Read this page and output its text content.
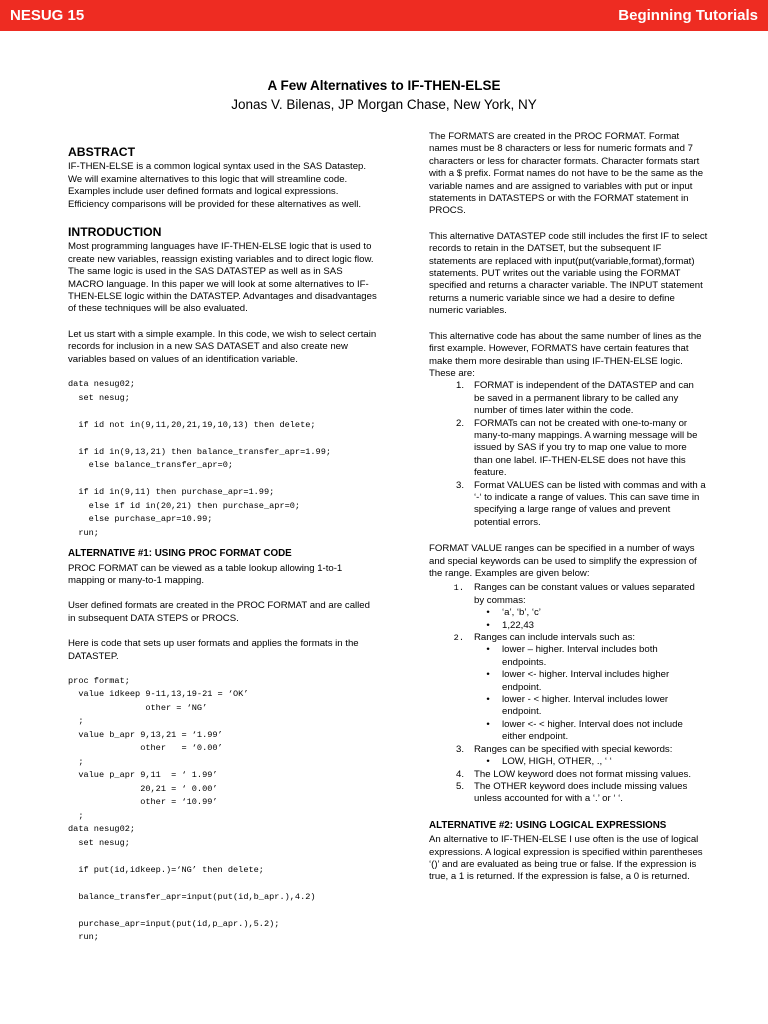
NESUG 15	Beginning Tutorials
A Few Alternatives to IF-THEN-ELSE
Jonas V. Bilenas, JP Morgan Chase, New York, NY
ABSTRACT

IF-THEN-ELSE is a common logical syntax used in the SAS Datastep. We will examine alternatives to this logic that will streamline code. Examples include user defined formats and logical expressions. Efficiency comparisons will be provided for these alternatives as well.

INTRODUCTION

Most programming languages have IF-THEN-ELSE logic that is used to create new variables, reassign existing variables and to direct logic flow. The same logic is used in the SAS DATASTEP as well as in SAS MACRO language. In this paper we will look at some alternatives to IF-THEN-ELSE logic within the DATASTEP. Advantages and disadvantages of these techniques will be also evaluated.

Let us start with a simple example. In this code, we wish to select certain records for inclusion in a new SAS DATASET and also create new variables based on values of an identification variable.

data nesug02;
set nesug;

if id not in(9,11,20,21,19,10,13) then delete;

if id in(9,13,21) then balance_transfer_apr=1.99;
else balance_transfer_apr=0;

if id in(9,11) then purchase_apr=1.99;
else if id in(20,21) then purchase_apr=0;
else purchase_apr=10.99;
run;
ALTERNATIVE #1: USING PROC FORMAT CODE

PROC FORMAT can be viewed as a table lookup allowing 1-to-1 mapping or many-to-1 mapping.

User defined formats are created in the PROC FORMAT and are called in subsequent DATA STEPS or PROCS.

Here is code that sets up user formats and applies the formats in the DATASTEP.

proc format;
value idkeep 9-11,13,19-21 = ‘OK’
other = ‘NG’
;
value b_apr 9,13,21 = ‘1.99’
other   = ‘0.00’
;
value p_apr 9,11  = ‘ 1.99’
20,21 = ‘ 0.00’
other = ‘10.99’
;
data nesug02;
set nesug;

if put(id,idkeep.)=‘NG’ then delete;

balance_transfer_apr=input(put(id,b_apr.),4.2)

purchase_apr=input(put(id,p_apr.),5.2);
run;

The FORMATS are created in the PROC FORMAT. Format names must be 8 characters or less for numeric formats and 7 characters or less for character formats. Character formats start with a $ prefix. Format names do not have to be the same as the variable names and are assigned to variables with put or input statements in DATASTEPS or with the FORMAT statement in PROCS.

This alternative DATASTEP code still includes the first IF to select records to retain in the DATSET, but the subsequent IF statements are replaced with input(put(variable,format),format) statements. PUT writes out the variable using the FORMAT specified and returns a character variable. The INPUT statement returns a numeric variable since we had a desire to define numeric variables.

This alternative code has about the same number of lines as the first example. However, FORMATS have certain features that make them more desirable than using IF-THEN-ELSE logic. These are:

1.	FORMAT is independent of the DATASTEP and can be saved in a permanent library to be called any number of times later within the code.
2.	FORMATs can not be created with one-to-many or many-to-many mappings. A warning message will be issued by SAS if you try to map one value to more than one label. IF-THEN-ELSE does not have this feature.
3.	Format VALUES can be listed with commas and with a ‘-‘ to indicate a range of values. This can save time in specifying a large range of values and prevent potential errors.

FORMAT VALUE ranges can be specified in a number of ways and special keywords can be used to simplify the expression of the range. Examples are given below:

1.	Ranges can be constant values or values separated by commas:
•	‘a’, ‘b’, ‘c’
•	1,22,43
2.	Ranges can include intervals such as:
•	lower – higher. Interval includes both endpoints.
•	lower <- higher. Interval includes higher endpoint.
•	lower - < higher. Interval includes lower endpoint.
•	lower <- < higher. Interval does not include either endpoint.
3.	Ranges can be specified with special kewords:
•	LOW, HIGH, OTHER, ., ‘ ‘
4.	The LOW keyword does not format missing values.
5.	The OTHER keyword does include missing values unless accounted for with a ‘.’ or ‘ ‘.
ALTERNATIVE #2: USING LOGICAL EXPRESSIONS

An alternative to IF-THEN-ELSE I use often is the use of logical expressions. A logical expression is specified within parentheses ‘()’ and are evaluated as being true or false. If the expression is true, a 1 is returned. If the expression is false, a 0 is returned.
